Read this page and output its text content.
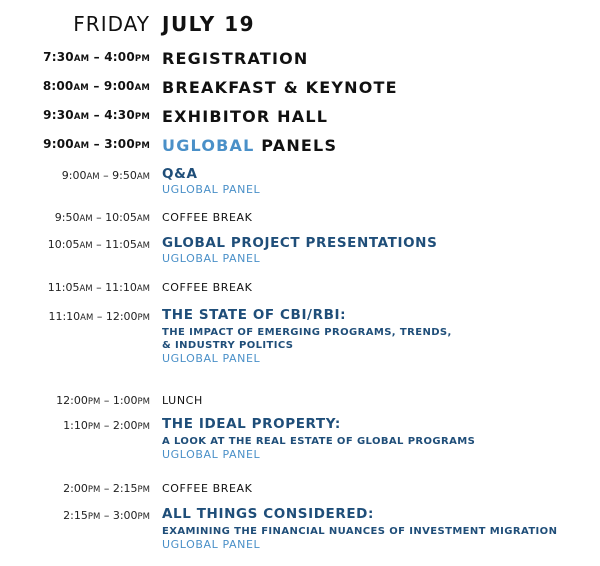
FRIDAY JULY 19
7:30AM – 4:00PM REGISTRATION
8:00AM – 9:00AM BREAKFAST & KEYNOTE
9:30AM – 4:30PM EXHIBITOR HALL
9:00AM – 3:00PM UGLOBAL PANELS
9:00AM – 9:50AM Q&A
UGLOBAL PANEL
9:50AM – 10:05AM COFFEE BREAK
10:05AM – 11:05AM GLOBAL PROJECT PRESENTATIONS
UGLOBAL PANEL
11:05AM – 11:10AM COFFEE BREAK
11:10AM – 12:00PM THE STATE OF CBI/RBI:
THE IMPACT OF EMERGING PROGRAMS, TRENDS,
& INDUSTRY POLITICS
UGLOBAL PANEL
12:00PM – 1:00PM LUNCH
1:10PM – 2:00PM THE IDEAL PROPERTY:
A LOOK AT THE REAL ESTATE OF GLOBAL PROGRAMS
UGLOBAL PANEL
2:00PM – 2:15PM COFFEE BREAK
2:15PM – 3:00PM ALL THINGS CONSIDERED:
EXAMINING THE FINANCIAL NUANCES OF INVESTMENT MIGRATION
UGLOBAL PANEL
